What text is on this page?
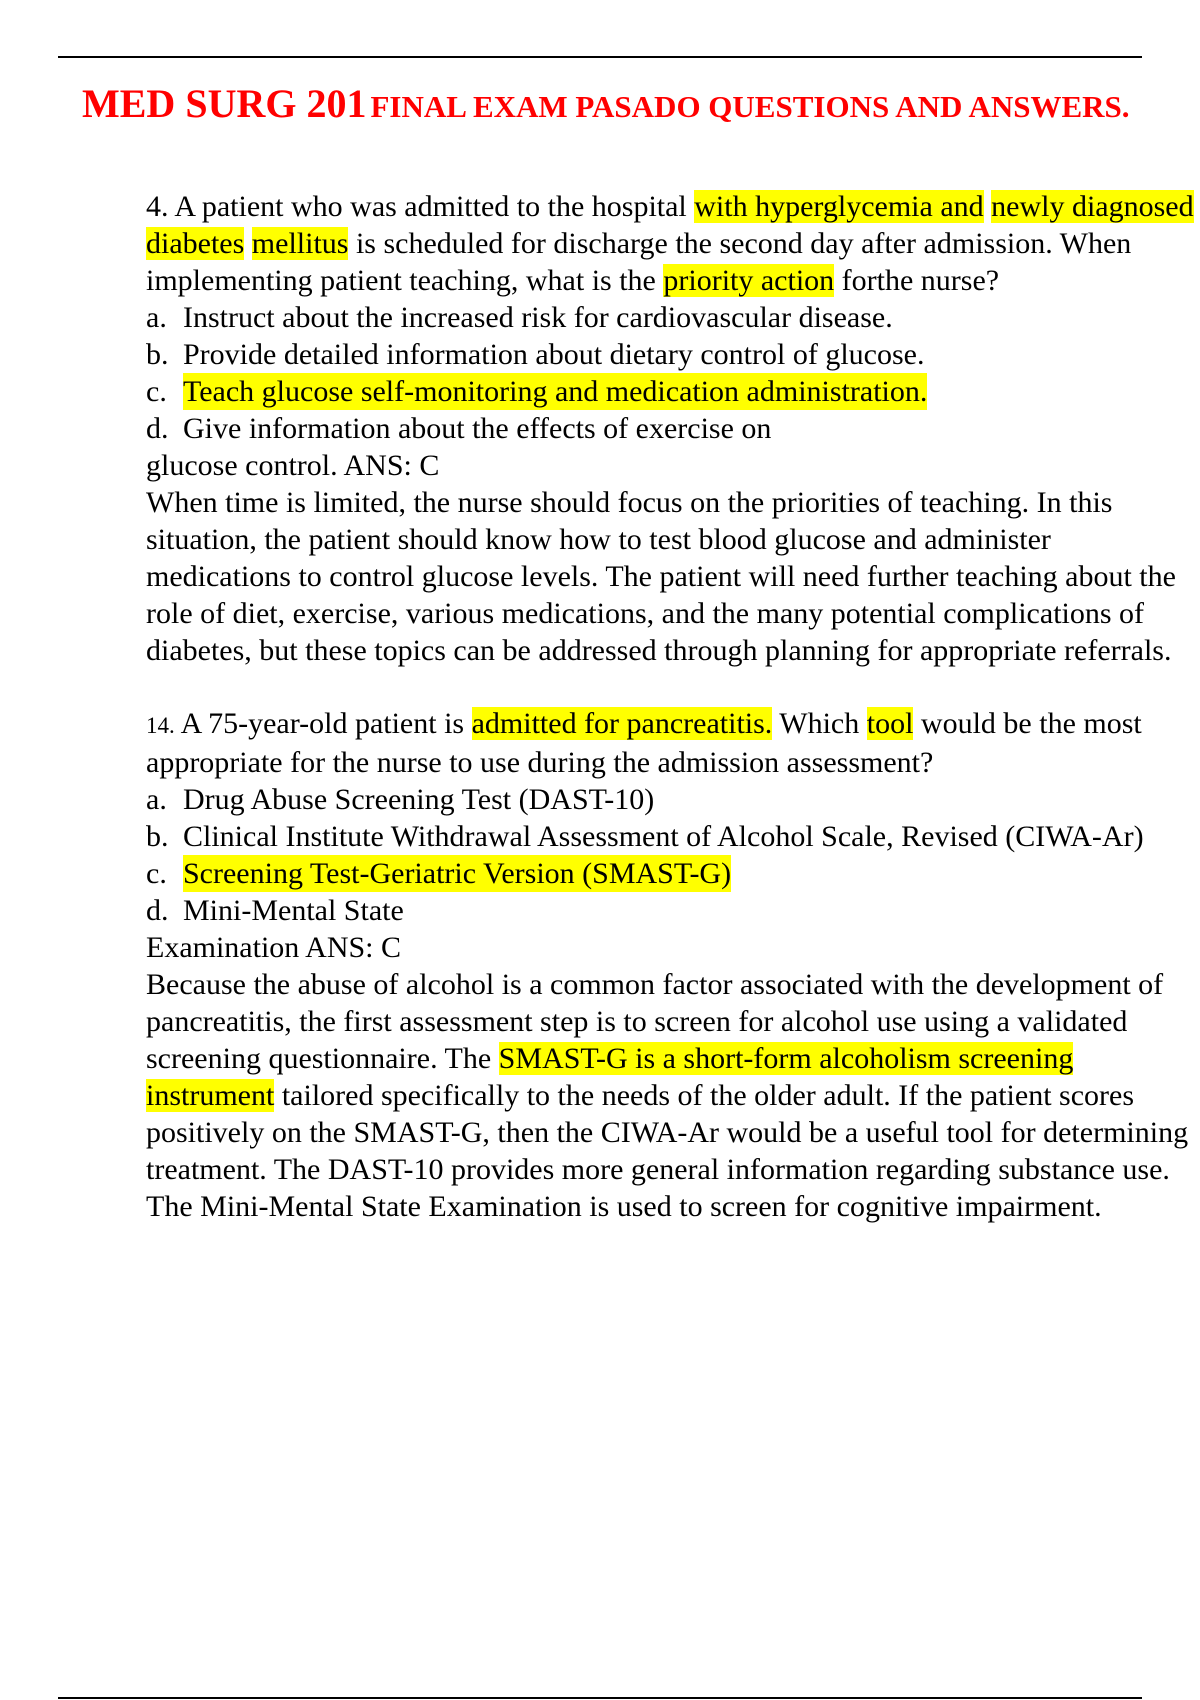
MED SURG 201 FINAL EXAM PASADO QUESTIONS AND ANSWERS.

4. A patient who was admitted to the hospital with hyperglycemia and newly diagnosed diabetes mellitus is scheduled for discharge the second day after admission. When implementing patient teaching, what is the priority action forthe nurse?

a. Instruct about the increased risk for cardiovascular disease.
b. Provide detailed information about dietary control of glucose.
c. Teach glucose self-monitoring and medication administration.
d. Give information about the effects of exercise on

glucose control. ANS: C

When time is limited, the nurse should focus on the priorities of teaching. In this situation, the patient should know how to test blood glucose and administer medications to control glucose levels. The patient will need further teaching about the role of diet, exercise, various medications, and the many potential complications of diabetes, but these topics can be addressed through planning for appropriate referrals.

14. A 75-year-old patient is admitted for pancreatitis. Which tool would be the most appropriate for the nurse to use during the admission assessment?

a. Drug Abuse Screening Test (DAST-10)
b. Clinical Institute Withdrawal Assessment of Alcohol Scale, Revised (CIWA-Ar)
c. Screening Test-Geriatric Version (SMAST-G)
d. Mini-Mental State

Examination ANS: C

Because the abuse of alcohol is a common factor associated with the development of pancreatitis, the first assessment step is to screen for alcohol use using a validated screening questionnaire. The SMAST-G is a short-form alcoholism screening instrument tailored specifically to the needs of the older adult. If the patient scores positively on the SMAST-G, then the CIWA-Ar would be a useful tool for determining treatment. The DAST-10 provides more general information regarding substance use. The Mini-Mental State Examination is used to screen for cognitive impairment.
